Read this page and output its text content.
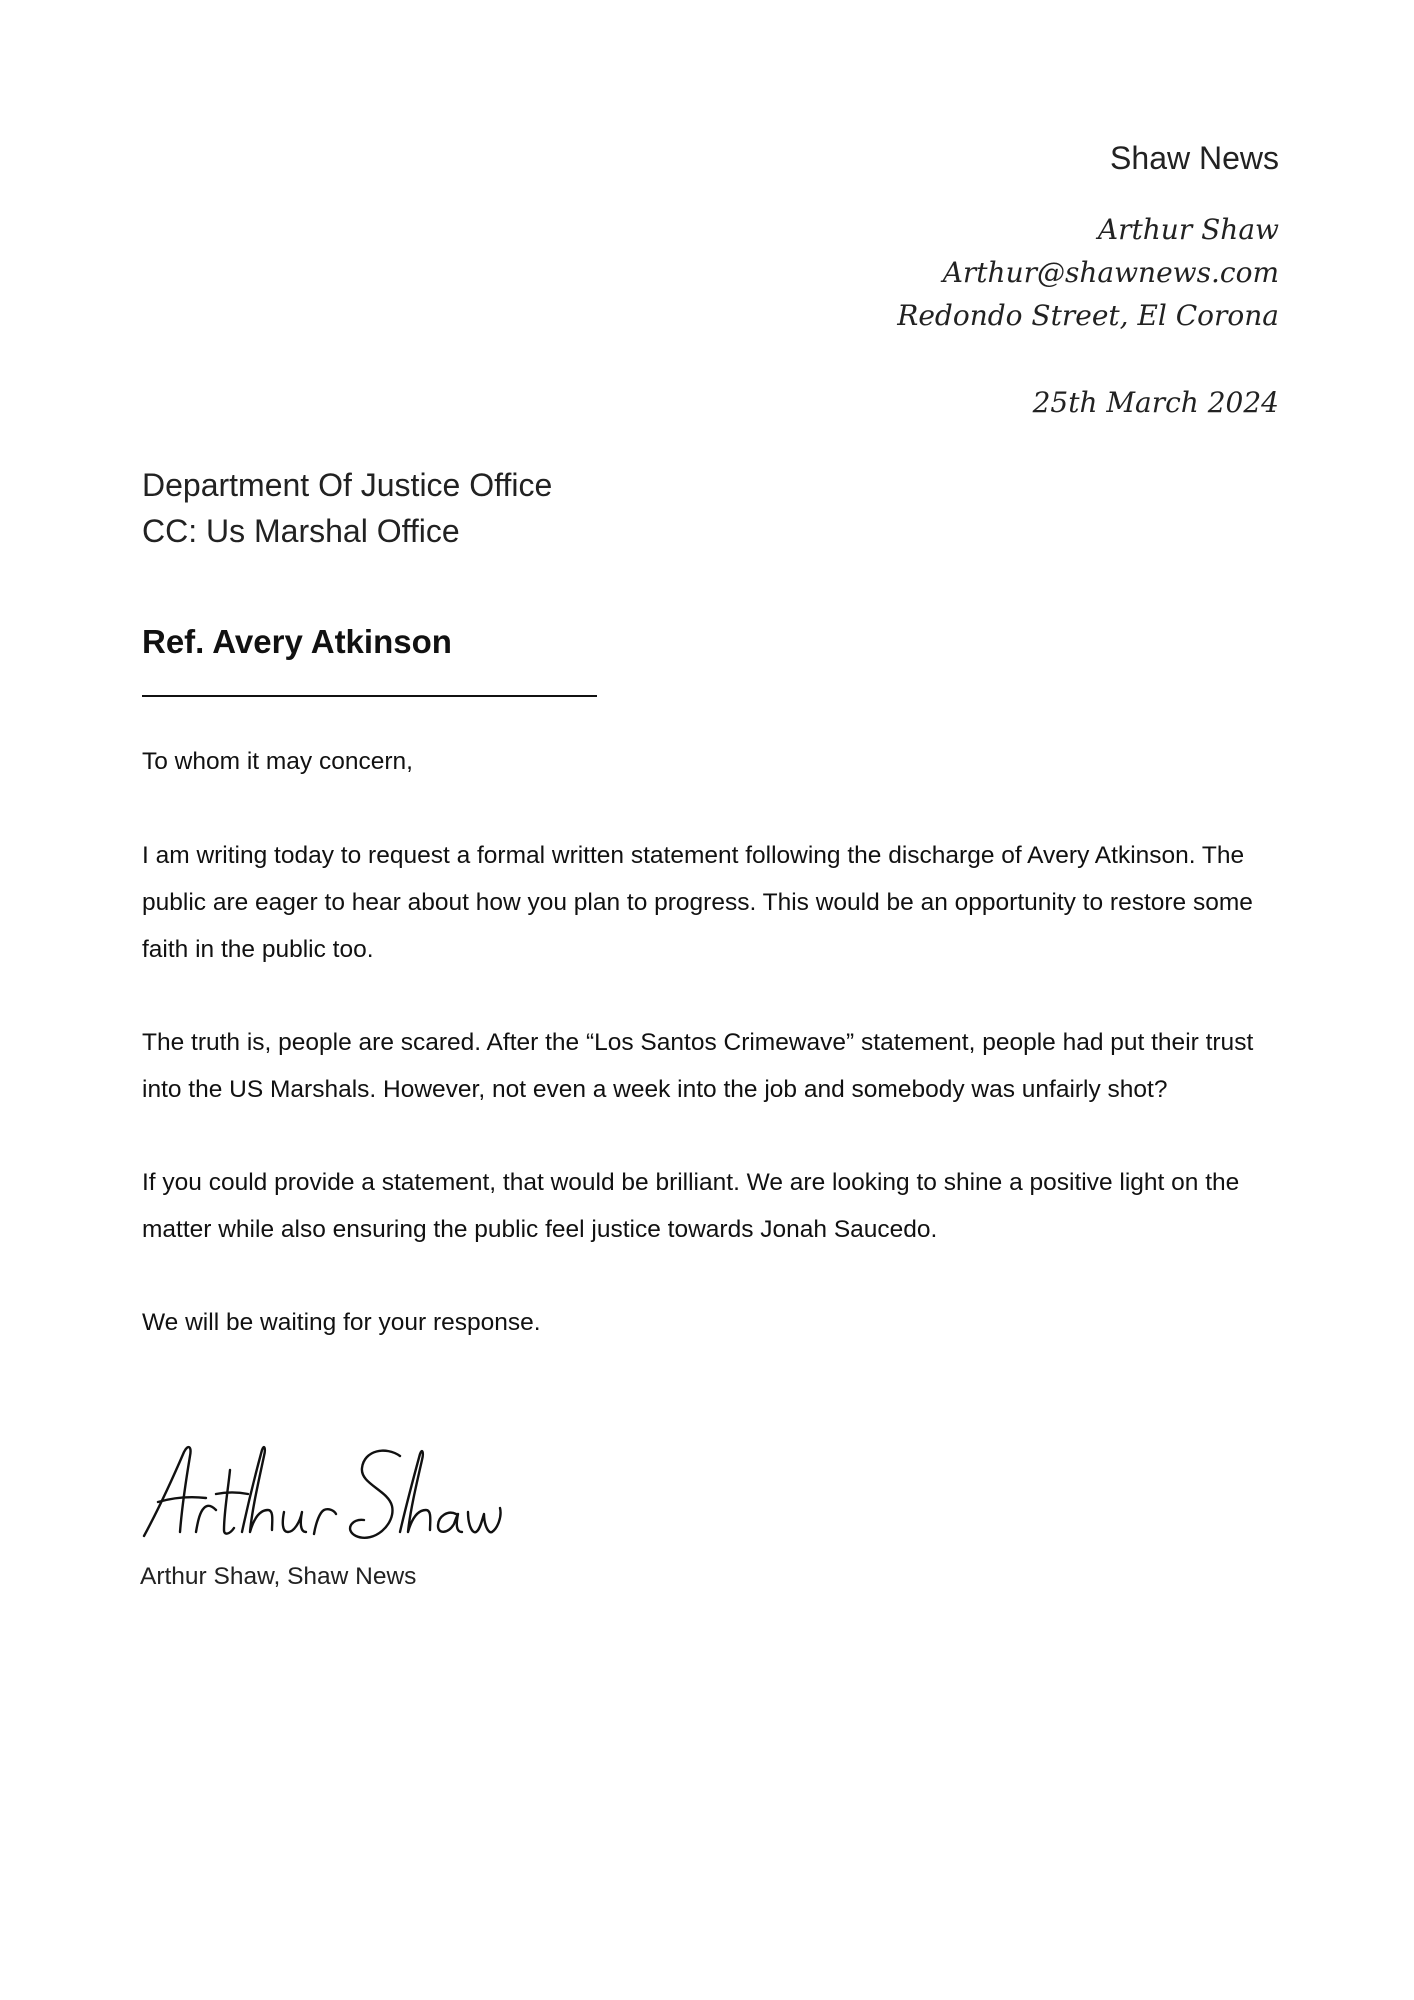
Shaw News

Arthur Shaw

Arthur@shawnews.com

Redondo Street, El Corona

25th March 2024

Department Of Justice Office

CC: Us Marshal Office

Ref. Avery Atkinson

To whom it may concern,

I am writing today to request a formal written statement following the discharge of Avery Atkinson. The public are eager to hear about how you plan to progress. This would be an opportunity to restore some faith in the public too.

The truth is, people are scared. After the “Los Santos Crimewave” statement, people had put their trust into the US Marshals. However, not even a week into the job and somebody was unfairly shot?

If you could provide a statement, that would be brilliant. We are looking to shine a positive light on the matter while also ensuring the public feel justice towards Jonah Saucedo.

We will be waiting for your response.

Arthur Shaw, Shaw News
